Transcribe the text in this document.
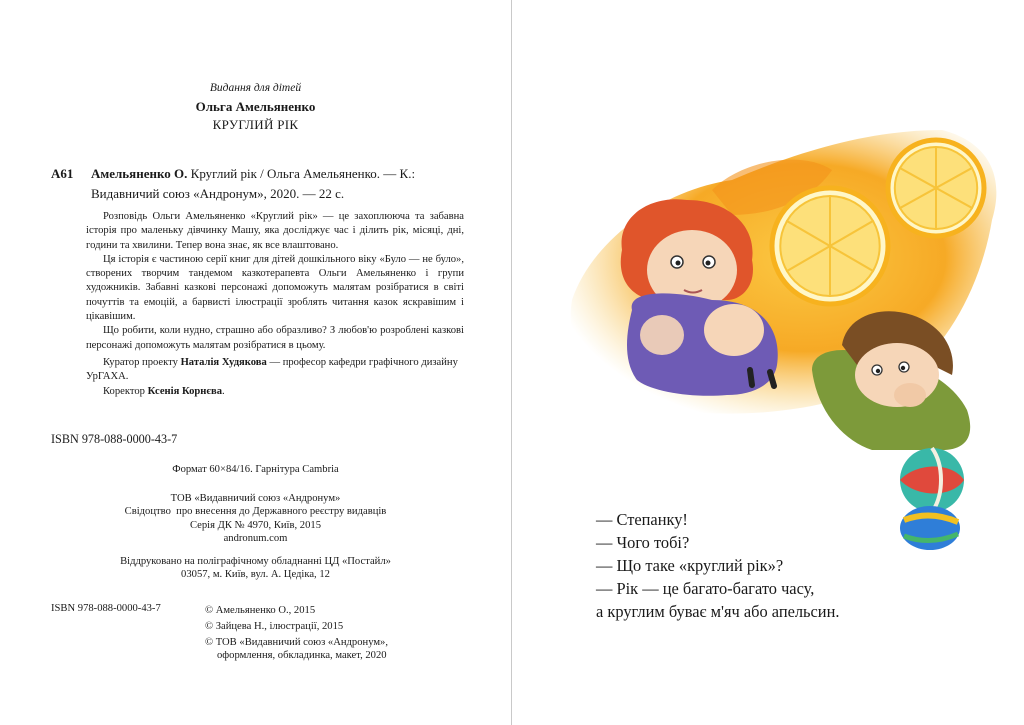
Видання для дітей
Ольга Амельяненко
КРУГЛИЙ РІК
А61 Амельяненко О. Круглий рік / Ольга Амельяненко. — К.:
Видавничий союз «Андронум», 2020. — 22 с.

Розповідь Ольги Амельяненко «Круглий рік» — це захоплююча та забавна історія про маленьку дівчинку Машу, яка досліджує час і ділить рік, місяці, дні, години та хвилини. Тепер вона знає, як все влаштовано.

Ця історія є частиною серії книг для дітей дошкільного віку «Було — не було», створених творчим тандемом казкотерапевта Ольги Амельяненко і групи художників. Забавні казкові персонажі допоможуть малятам розібратися в світі почуттів та емоцій, а барвисті ілюстрації зроблять читання казок яскравішим і цікавішим.

Що робити, коли нудно, страшно або образливо? З любов'ю розроблені казкові персонажі допоможуть малятам розібратися в цьому.

Куратор проекту Наталія Худякова — професор кафедри графічного дизайну УрГАХА.

Коректор Ксенія Корнєва.

ISBN 978-088-0000-43-7
Формат 60×84/16. Гарнітура Cambria
ТОВ «Видавничий союз «Андронум»
Свідоцтво  про внесення до Державного реєстру видавців
Серія ДК № 4970, Київ, 2015
andronum.com
Віддруковано на поліграфічному обладнанні ЦД «Постайл»
03057, м. Київ, вул. А. Цедіка, 12
ISBN 978-088-0000-43-7	© Амельяненко О., 2015
© Зайцева Н., ілюстрації, 2015
© ТОВ «Видавничий союз «Андронум»,
оформлення, обкладинка, макет, 2020
— Степанку!
— Чого тобі?
— Що таке «круглий рік»?
— Рік — це багато-багато часу,
а круглим буває м'яч або апельсин.
